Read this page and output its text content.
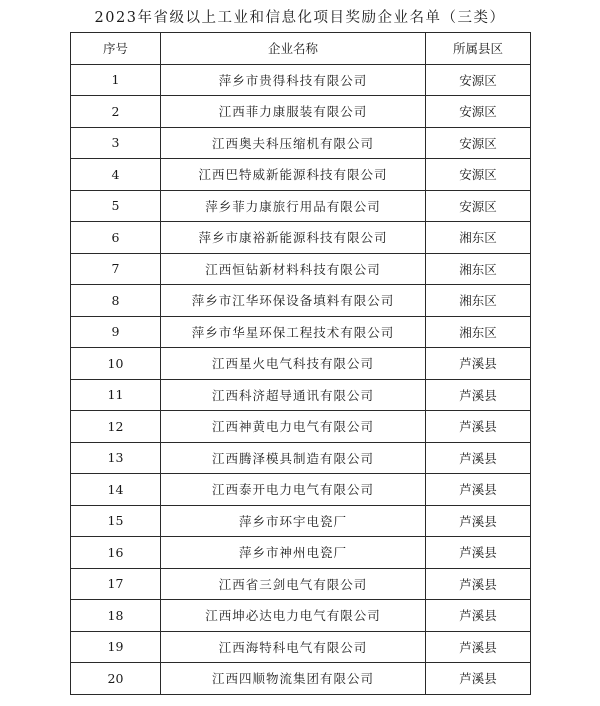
2023年省级以上工业和信息化项目奖励企业名单（三类）
序号	企业名称	所属县区
1	萍乡市贵得科技有限公司	安源区
2	江西菲力康服装有限公司	安源区
3	江西奥夫科压缩机有限公司	安源区
4	江西巴特威新能源科技有限公司	安源区
5	萍乡菲力康旅行用品有限公司	安源区
6	萍乡市康裕新能源科技有限公司	湘东区
7	江西恒钻新材料科技有限公司	湘东区
8	萍乡市江华环保设备填料有限公司	湘东区
9	萍乡市华星环保工程技术有限公司	湘东区
10	江西星火电气科技有限公司	芦溪县
11	江西科济超导通讯有限公司	芦溪县
12	江西神黄电力电气有限公司	芦溪县
13	江西腾泽模具制造有限公司	芦溪县
14	江西泰开电力电气有限公司	芦溪县
15	萍乡市环宇电瓷厂	芦溪县
16	萍乡市神州电瓷厂	芦溪县
17	江西省三剑电气有限公司	芦溪县
18	江西坤必达电力电气有限公司	芦溪县
19	江西海特科电气有限公司	芦溪县
20	江西四顺物流集团有限公司	芦溪县
